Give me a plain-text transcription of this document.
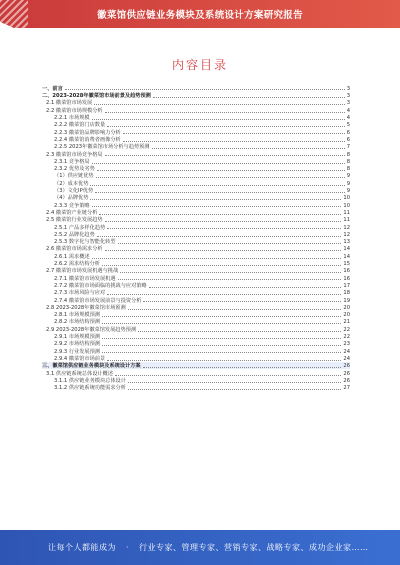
徽菜馆供应链业务模块及系统设计方案研究报告
内容目录
一、前言	3
二、2023-2028年徽菜馆市场前景及趋势预测	3
2.1 徽菜馆市场发展	3
2.2 徽菜馆市场规模分析	4
2.2.1 市场规模	4
2.2.2 徽菜馆门店数量	5
2.2.3 徽菜馆品牌影响力分析	6
2.2.4 徽菜馆消费者画像分析	6
2.2.5 2023年徽菜馆市场分析与趋势预测	7
2.3 徽菜馆市场竞争格局	8
2.3.1 竞争格局	8
2.3.2 优势及劣势	8
（1）供应链优势	9
（2）成本优势	9
（3）文化IP优势	9
（4）品牌优势	10
2.3.3 竞争策略	10
2.4 徽菜馆产业链分析	11
2.5 徽菜馆行业发展趋势	11
2.5.1 产品多样化趋势	12
2.5.2 品牌化趋势	12
2.5.3 数字化与智能化转型	13
2.6 徽菜馆市场需求分析	14
2.6.1 需求概述	14
2.6.2 需求结构分析	15
2.7 徽菜馆市场发展机遇与挑战	16
2.7.1 徽菜馆市场发展机遇	16
2.7.2 徽菜馆市场面临的挑战与应对策略	17
2.7.3 市场风险与应对	18
2.7.4 徽菜馆市场发展前景与投资分析	19
2.8 2023-2028年徽菜馆市场预测	20
2.8.1 市场规模预测	20
2.8.2 市场结构预测	21
2.9 2023-2028年徽菜馆发展趋势预测	22
2.9.1 市场规模预测	22
2.9.2 市场结构预测	23
2.9.3 行业发展预测	24
2.9.4 徽菜馆市场前景	24
三、徽菜馆供应链业务模块及系统设计方案	26
3.1 供应链系统总体设计概述	26
3.1.1 供应链业务模块总体设计	26
3.1.2 供应链系统功能需求分析	27
让每个人都能成为 · 行业专家、管理专家、营销专家、战略专家、成功企业家……
